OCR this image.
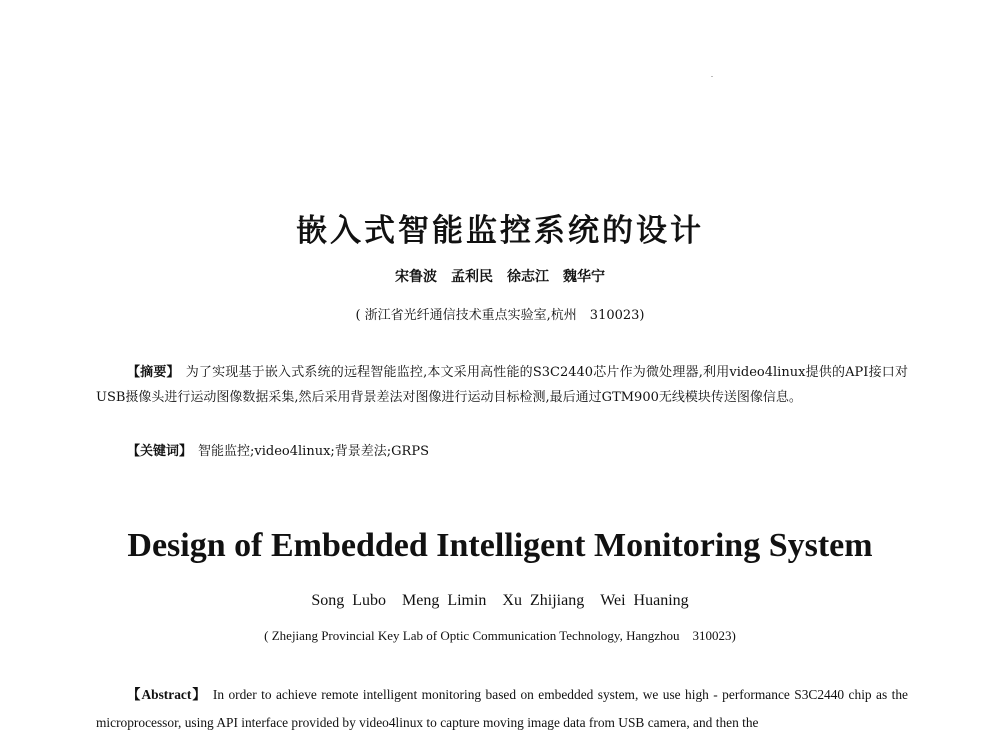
嵌入式智能监控系统的设计
宋鲁波　孟利民　徐志江　魏华宁
( 浙江省光纤通信技术重点实验室,杭州　310023)

【摘要】 为了实现基于嵌入式系统的远程智能监控,本文采用高性能的S3C2440芯片作为微处理器,利用video4linux提供的API接口对USB摄像头进行运动图像数据采集,然后采用背景差法对图像进行运动目标检测,最后通过GTM900无线模块传送图像信息。

【关键词】 智能监控;video4linux;背景差法;GRPS
Design of Embedded Intelligent Monitoring System
Song Lubo　Meng Limin　Xu Zhijiang　Wei Huaning
( Zhejiang Provincial Key Lab of Optic Communication Technology, Hangzhou　310023)

【Abstract】 In order to achieve remote intelligent monitoring based on embedded system, we use high - performance S3C2440 chip as the microprocessor, using API interface provided by video4linux to capture moving image data from USB camera, and then the
